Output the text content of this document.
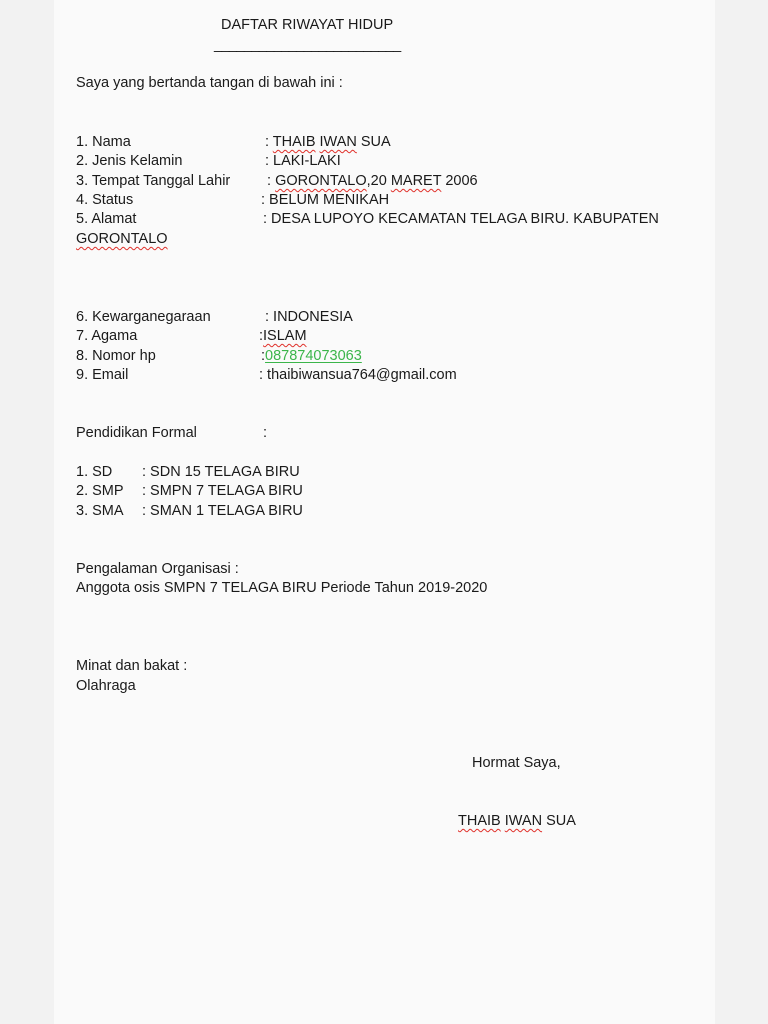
DAFTAR RIWAYAT HIDUP
_________________________
Saya yang bertanda tangan di bawah ini :
1. Nama	: THAIB IWAN SUA
2. Jenis Kelamin	: LAKI-LAKI
3. Tempat Tanggal Lahir	: GORONTALO,20 MARET 2006
4. Status	: BELUM MENIKAH
5. Alamat	: DESA LUPOYO KECAMATAN TELAGA BIRU. KABUPATEN
GORONTALO
6. Kewarganegaraan	: INDONESIA
7. Agama	:ISLAM
8. Nomor hp	:087874073063
9. Email	: thaibiwansua764@gmail.com
Pendidikan Formal	:
1. SD : SDN 15 TELAGA BIRU
2. SMP : SMPN 7 TELAGA BIRU
3. SMA : SMAN 1 TELAGA BIRU
Pengalaman Organisasi :
Anggota osis SMPN 7 TELAGA BIRU Periode Tahun 2019-2020
Minat dan bakat :
Olahraga
Hormat Saya,
THAIB IWAN SUA
